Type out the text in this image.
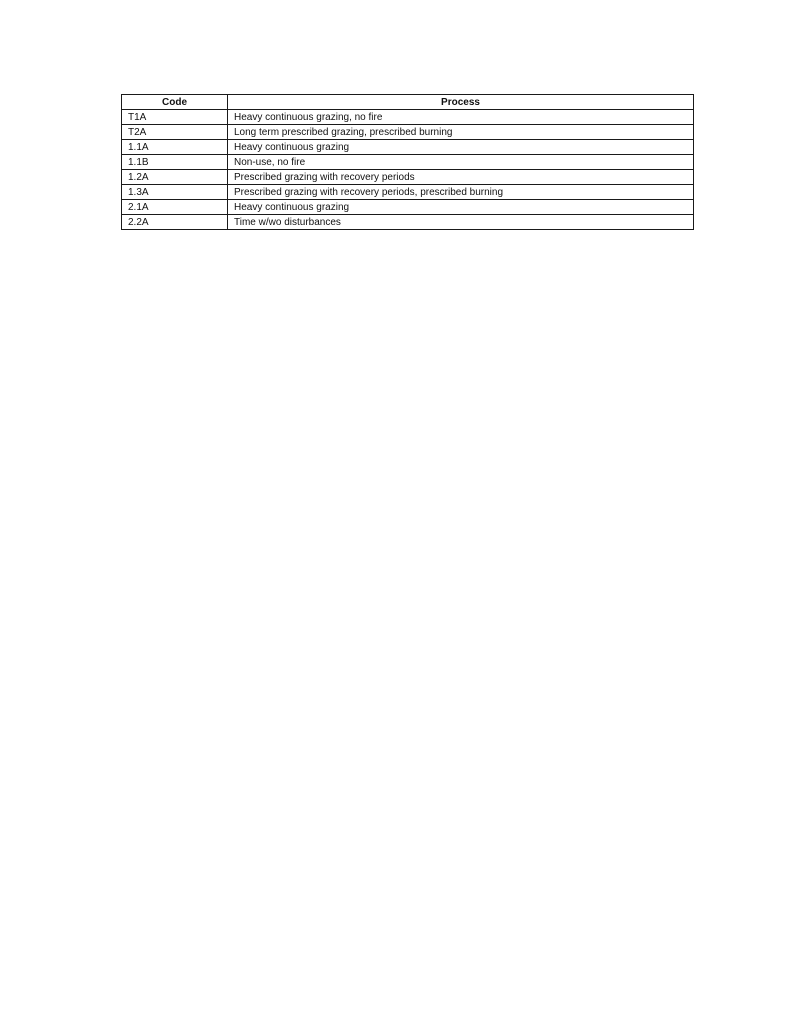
Code	Process
T1A	Heavy continuous grazing, no fire
T2A	Long term prescribed grazing, prescribed burning
1.1A	Heavy continuous grazing
1.1B	Non-use, no fire
1.2A	Prescribed grazing with recovery periods
1.3A	Prescribed grazing with recovery periods, prescribed burning
2.1A	Heavy continuous grazing
2.2A	Time w/wo disturbances
